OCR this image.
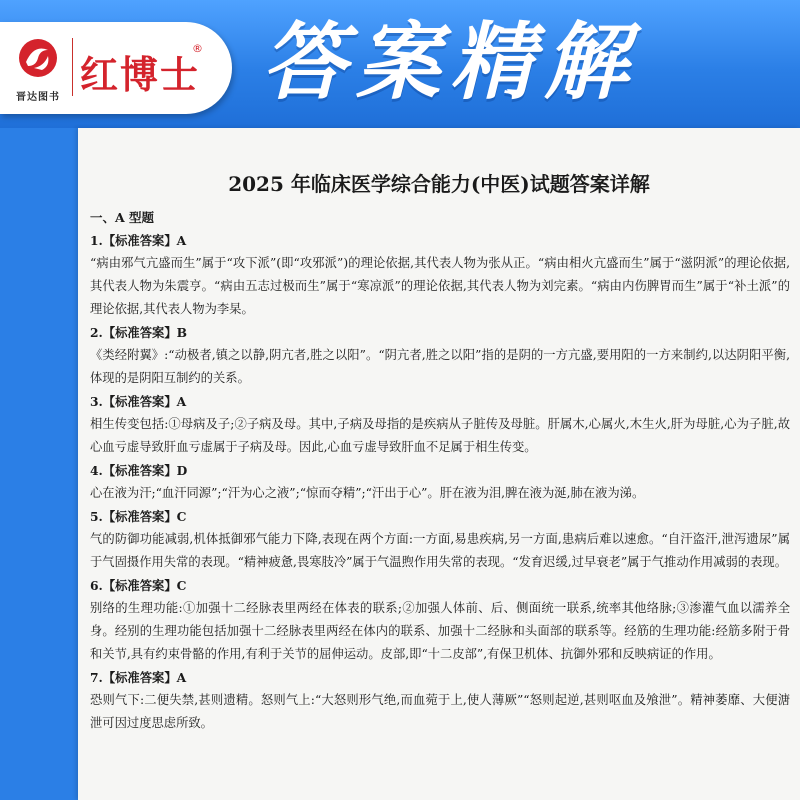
晋达图书
红博士
® 答案精解
2025 年临床医学综合能力(中医)试题答案详解
一、A 型题
1.【标准答案】A
“病由邪气亢盛而生”属于“攻下派”(即“攻邪派”)的理论依据,其代表人物为张从正。“病由相火亢盛而生”属于“滋阴派”的理论依据,其代表人物为朱震亨。“病由五志过极而生”属于“寒凉派”的理论依据,其代表人物为刘完素。“病由内伤脾胃而生”属于“补土派”的理论依据,其代表人物为李杲。
2.【标准答案】B
《类经附翼》:“动极者,镇之以静,阴亢者,胜之以阳”。“阴亢者,胜之以阳”指的是阴的一方亢盛,要用阳的一方来制约,以达阴阳平衡,体现的是阴阳互制约的关系。
3.【标准答案】A
相生传变包括:①母病及子;②子病及母。其中,子病及母指的是疾病从子脏传及母脏。肝属木,心属火,木生火,肝为母脏,心为子脏,故心血亏虚导致肝血亏虚属于子病及母。因此,心血亏虚导致肝血不足属于相生传变。
4.【标准答案】D
心在液为汗;“血汗同源”;“汗为心之液”;“惊而夺精”;“汗出于心”。肝在液为泪,脾在液为涎,肺在液为涕。
5.【标准答案】C
气的防御功能减弱,机体抵御邪气能力下降,表现在两个方面:一方面,易患疾病,另一方面,患病后难以速愈。“自汗盗汗,泄泻遗尿”属于气固摄作用失常的表现。“精神疲惫,畏寒肢冷”属于气温煦作用失常的表现。“发育迟缓,过早衰老”属于气推动作用减弱的表现。
6.【标准答案】C
别络的生理功能:①加强十二经脉表里两经在体表的联系;②加强人体前、后、侧面统一联系,统率其他络脉;③渗灌气血以濡养全身。经别的生理功能包括加强十二经脉表里两经在体内的联系、加强十二经脉和头面部的联系等。经筋的生理功能:经筋多附于骨和关节,具有约束骨骼的作用,有利于关节的屈伸运动。皮部,即“十二皮部”,有保卫机体、抗御外邪和反映病证的作用。
7.【标准答案】A
恐则气下:二便失禁,甚则遗精。怒则气上:“大怒则形气绝,而血菀于上,使人薄厥”“怒则起逆,甚则呕血及飧泄”。精神萎靡、大便溏泄可因过度思虑所致。
